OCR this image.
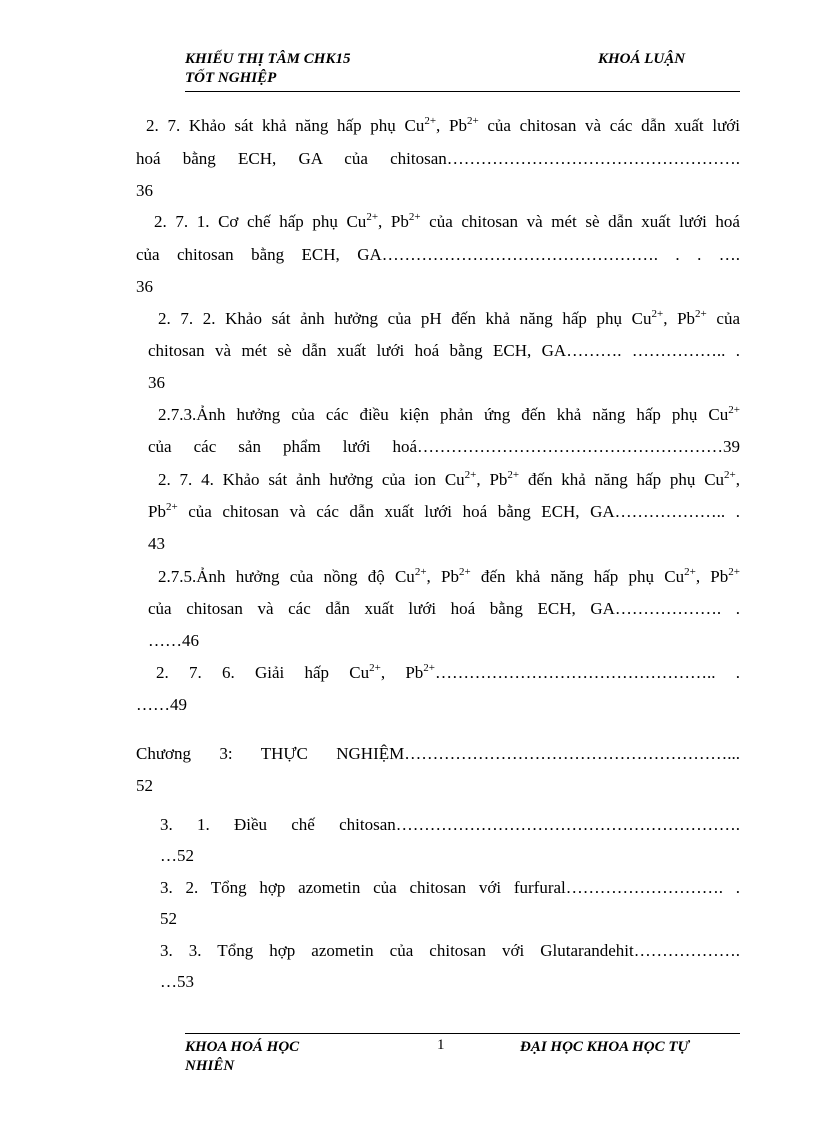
KHIẾU THỊ TÂM CHK15
TỐT NGHIỆP
KHOÁ LUẬN
2. 7. Khảo sát khả năng hấp phụ $Cu^{2+}$, $Pb^{2+}$ của chitosan và các dẫn xuất lưới
hoá bằng ECH, GA của chitosan…………………………………………….
36
2. 7. 1. Cơ chế hấp phụ $Cu^{2+}$, $Pb^{2+}$ của chitosan và mét sè dẫn xuất lưới hoá
của chitosan bằng ECH, GA…………………………………………. . . ….
36
2. 7. 2. Khảo sát ảnh hưởng của pH đến khả năng hấp phụ $Cu^{2+}$, $Pb^{2+}$ của
chitosan và mét sè dẫn xuất lưới hoá bằng ECH, GA………. …………….. .
36
2.7.3.Ảnh hưởng của các điều kiện phản ứng đến khả năng hấp phụ $Cu^{2+}$
của các sản phẩm lưới hoá………………………………………………39
2. 7. 4. Khảo sát ảnh hưởng của ion $Cu^{2+}$, $Pb^{2+}$ đến khả năng hấp phụ $Cu^{2+}$,
$Pb^{2+}$ của chitosan và các dẫn xuất lưới hoá bằng ECH, GA……………….. .
43
2.7.5.Ảnh hưởng của nồng độ $Cu^{2+}$, $Pb^{2+}$ đến khả năng hấp phụ $Cu^{2+}$, $Pb^{2+}$
của chitosan và các dẫn xuất lưới hoá bằng ECH, GA………………. .
……46
2. 7. 6. Giải hấp $Cu^{2+}$, $Pb^{2+}\dots\dots\dots\dots\dots\dots\dots\dots\dots\dots\dots\dots\dots\dots\dots\dots$.. .
……49
Chương 3: THỰC NGHIỆM…………………………………………………...
52
3. 1. Điều chế chitosan…………………………………………………….
…52
3. 2. Tổng hợp azometin của chitosan với furfural………………………. .
52
3. 3. Tổng hợp azometin của chitosan với Glutarandehit……………….
…53
KHOA HOÁ HỌC
NHIÊN
1	ĐẠI HỌC KHOA HỌC TỰ
